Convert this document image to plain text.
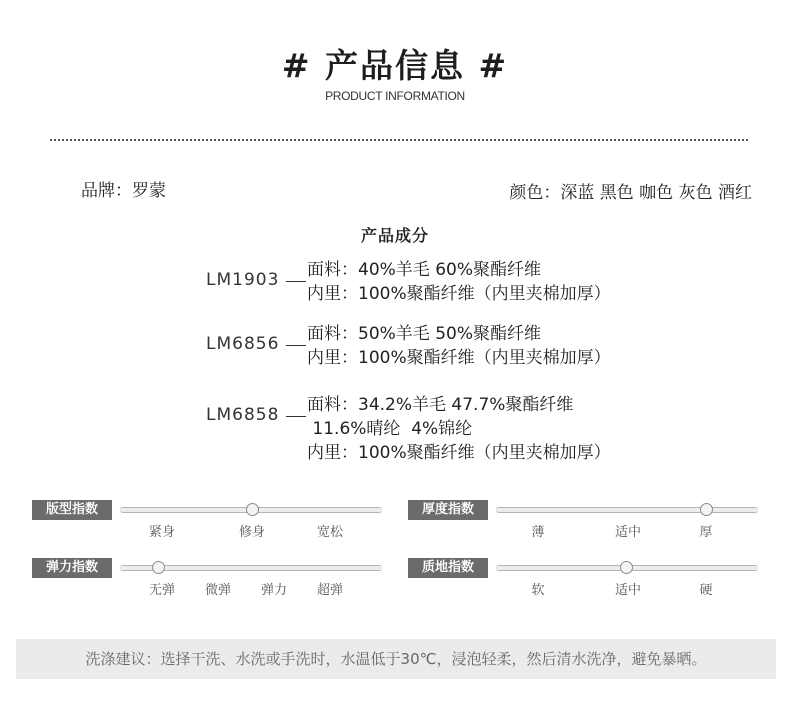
# 产品信息 #
PRODUCT INFORMATION
品牌：罗蒙	颜色：深蓝 黑色 咖色 灰色 酒红
产品成分
LM1903 面料：40%羊毛 60%聚酯纤维
内里：100%聚酯纤维（内里夹棉加厚）
LM6856 面料：50%羊毛 50%聚酯纤维
内里：100%聚酯纤维（内里夹棉加厚）
LM6858 面料：34.2%羊毛 47.7%聚酯纤维
11.6%晴纶  4%锦纶
内里：100%聚酯纤维（内里夹棉加厚）
版型指数
紧身	修身	宽松
厚度指数
薄	适中	厚
弹力指数
无弹 微弹 弹力 超弹
质地指数
软	适中	硬
洗涤建议：选择干洗、水洗或手洗时，水温低于30℃，浸泡轻柔，然后清水洗净，避免暴晒。
